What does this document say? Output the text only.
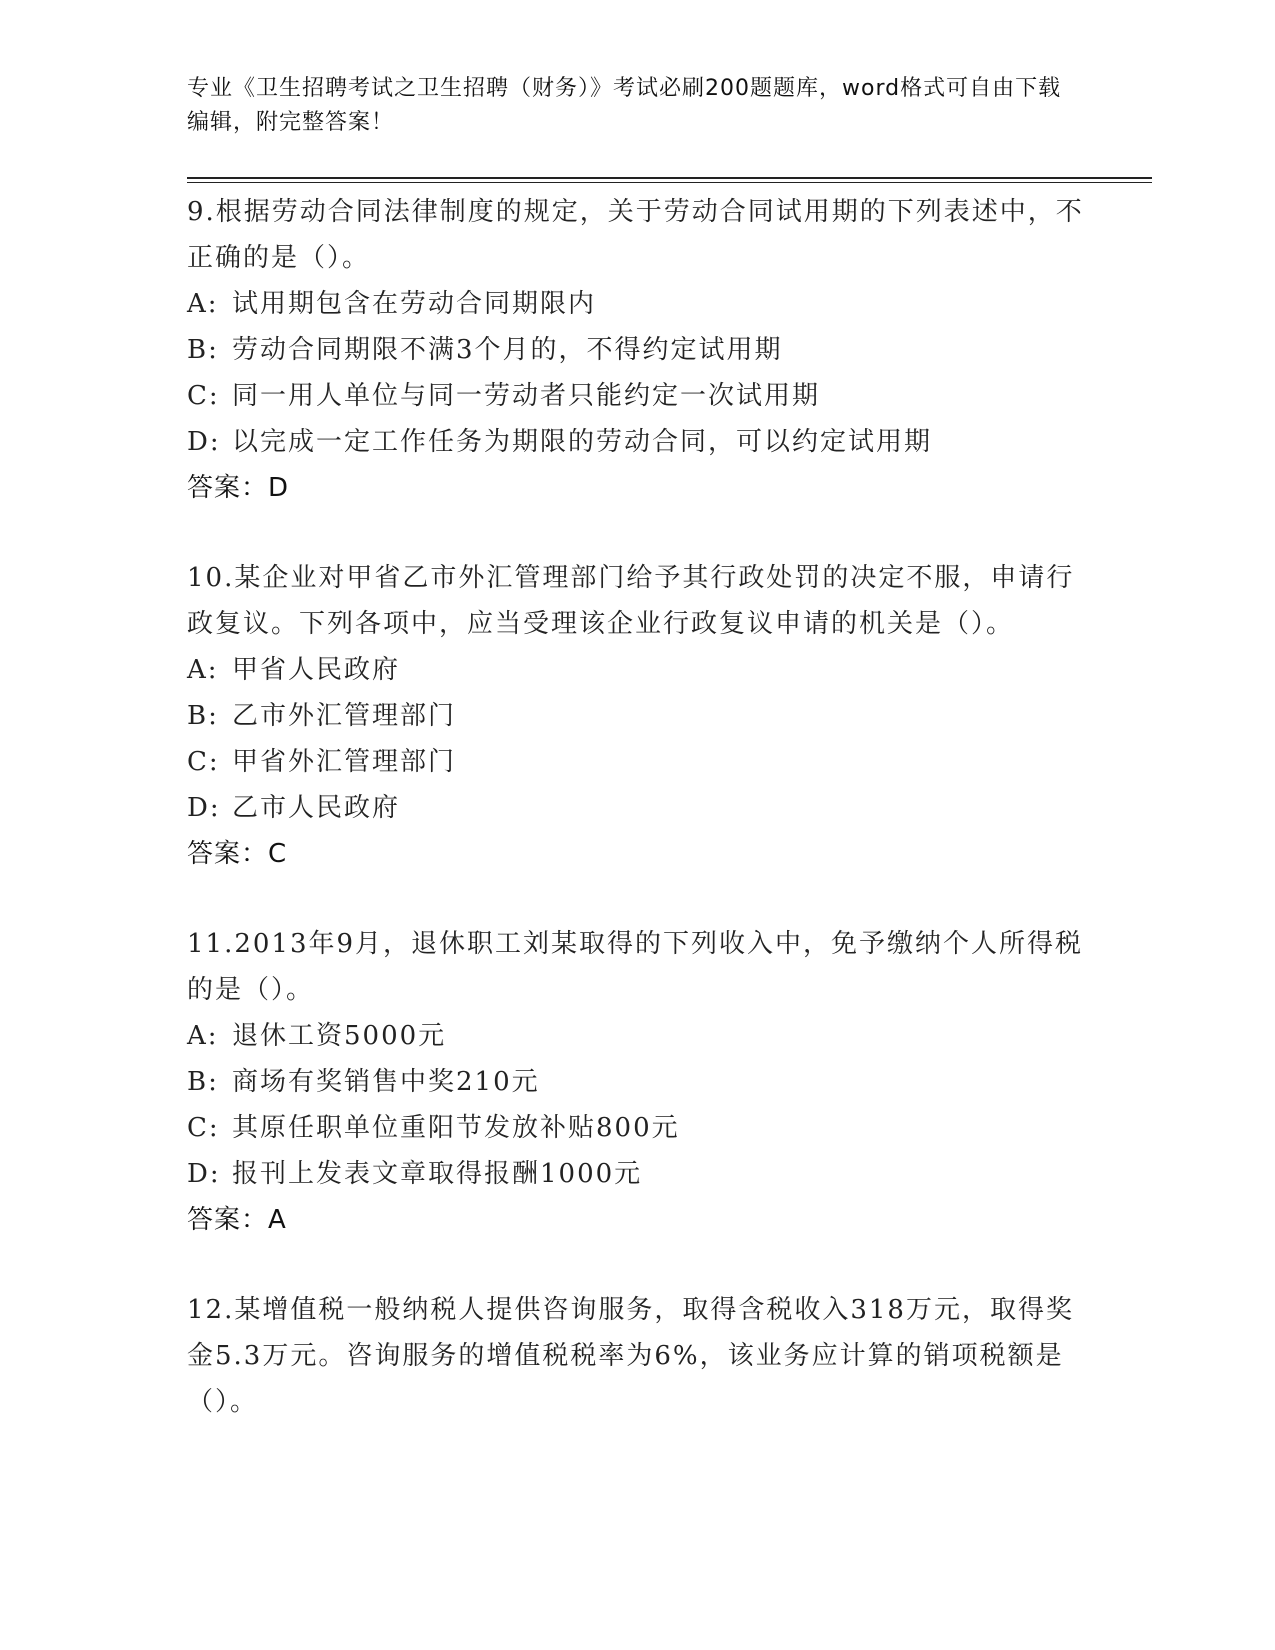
专业《卫生招聘考试之卫生招聘（财务）》考试必刷200题题库，word格式可自由下载编辑，附完整答案！

9.根据劳动合同法律制度的规定，关于劳动合同试用期的下列表述中，不正确的是（）。

A: 试用期包含在劳动合同期限内

B: 劳动合同期限不满3个月的，不得约定试用期

C: 同一用人单位与同一劳动者只能约定一次试用期

D: 以完成一定工作任务为期限的劳动合同，可以约定试用期

答案：D

10.某企业对甲省乙市外汇管理部门给予其行政处罚的决定不服，申请行政复议。下列各项中，应当受理该企业行政复议申请的机关是（）。

A: 甲省人民政府

B: 乙市外汇管理部门

C: 甲省外汇管理部门

D: 乙市人民政府

答案：C

11.2013年9月，退休职工刘某取得的下列收入中，免予缴纳个人所得税的是（）。

A: 退休工资5000元

B: 商场有奖销售中奖210元

C: 其原任职单位重阳节发放补贴800元

D: 报刊上发表文章取得报酬1000元

答案：A

12.某增值税一般纳税人提供咨询服务，取得含税收入318万元，取得奖金5.3万元。咨询服务的增值税税率为6%，该业务应计算的销项税额是（）。
